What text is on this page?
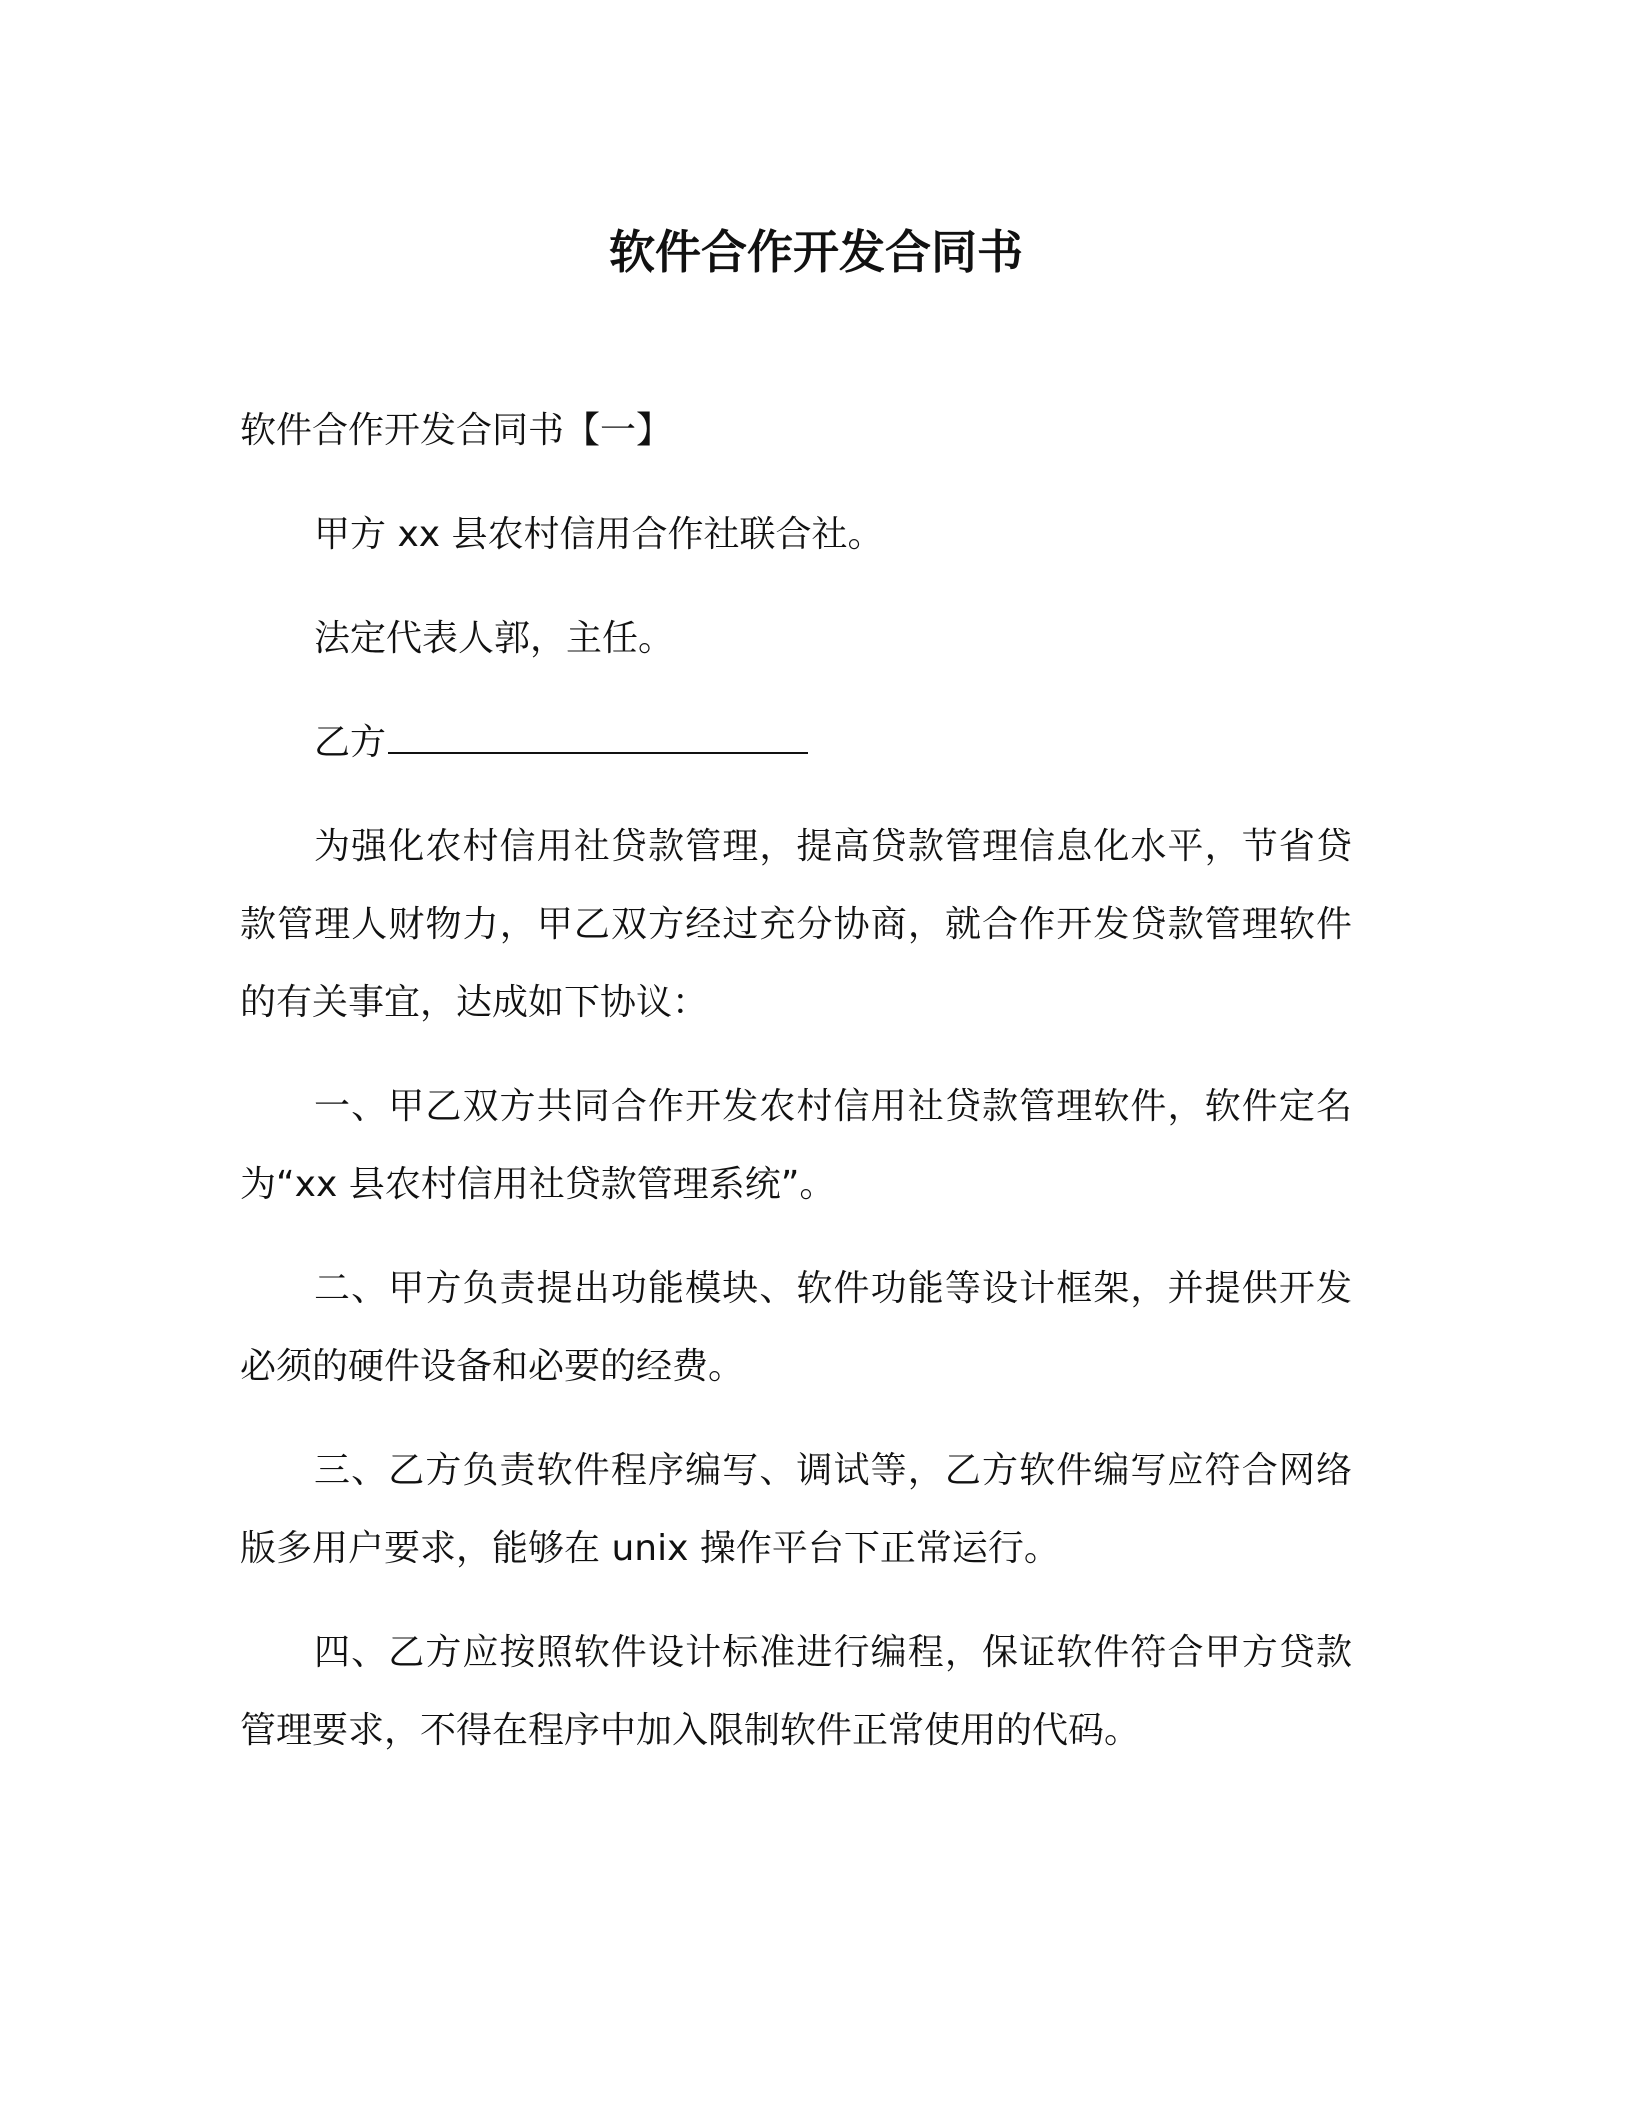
软件合作开发合同书

软件合作开发合同书【一】

甲方 xx 县农村信用合作社联合社。

法定代表人郭，主任。

乙方

为强化农村信用社贷款管理，提高贷款管理信息化水平，节省贷款管理人财物力，甲乙双方经过充分协商，就合作开发贷款管理软件的有关事宜，达成如下协议：

一、甲乙双方共同合作开发农村信用社贷款管理软件，软件定名为“xx 县农村信用社贷款管理系统”。

二、甲方负责提出功能模块、软件功能等设计框架，并提供开发必须的硬件设备和必要的经费。

三、乙方负责软件程序编写、调试等，乙方软件编写应符合网络版多用户要求，能够在 unix 操作平台下正常运行。

四、乙方应按照软件设计标准进行编程，保证软件符合甲方贷款管理要求，不得在程序中加入限制软件正常使用的代码。
